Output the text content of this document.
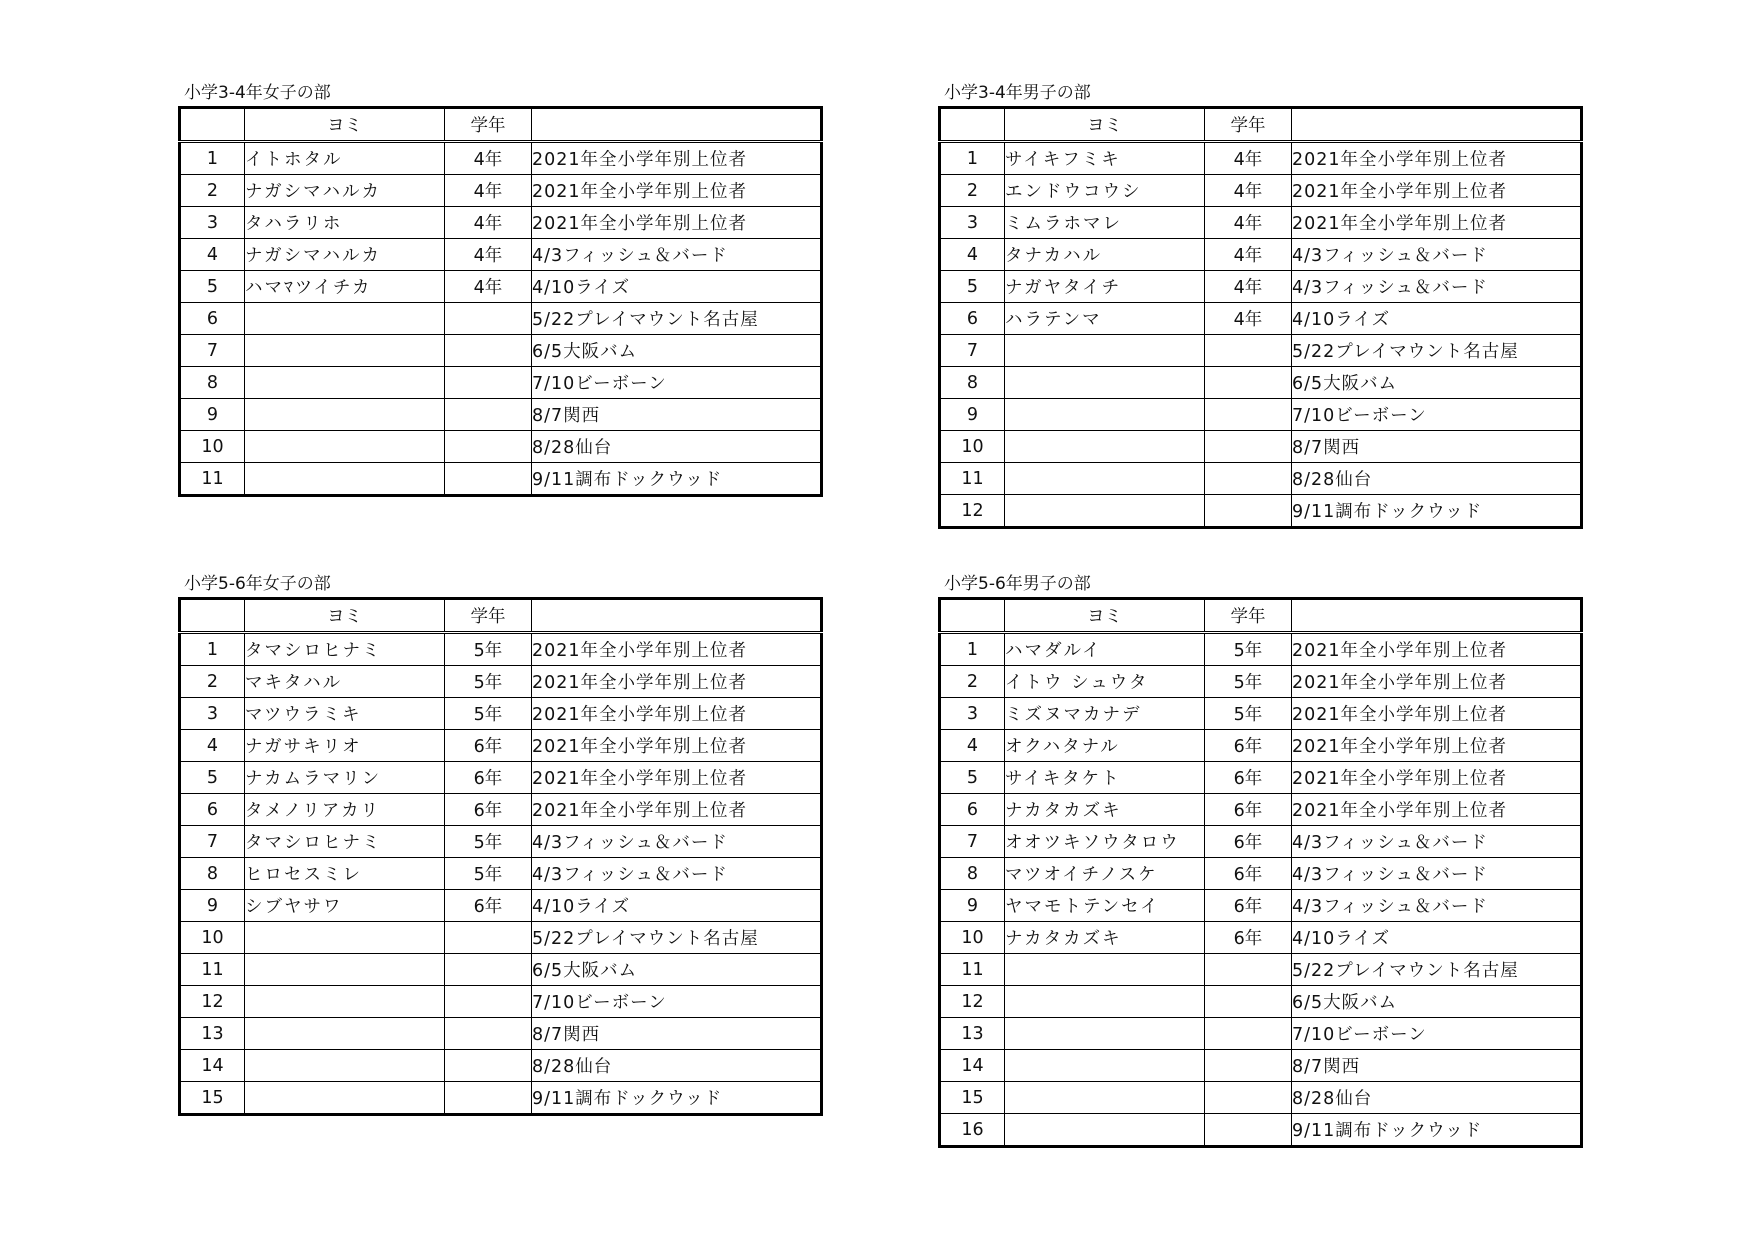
小学3-4年女子の部
	ヨミ	学年	
1	イトホタル	4年	2021年全小学年別上位者
2	ナガシマハルカ	4年	2021年全小学年別上位者
3	タハラリホ	4年	2021年全小学年別上位者
4	ナガシマハルカ	4年	4/3フィッシュ＆バード
5	ハマﾏツイチカ	4年	4/10ライズ
6			5/22プレイマウント名古屋
7			6/5大阪バム
8			7/10ビーボーン
9			8/7関西
10			8/28仙台
11			9/11調布ドックウッド
小学3-4年男子の部
	ヨミ	学年	
1	サイキフミキ	4年	2021年全小学年別上位者
2	エンドウコウシ	4年	2021年全小学年別上位者
3	ミムラホマレ	4年	2021年全小学年別上位者
4	タナカハル	4年	4/3フィッシュ＆バード
5	ナガヤタイチ	4年	4/3フィッシュ＆バード
6	ハラテンマ	4年	4/10ライズ
7			5/22プレイマウント名古屋
8			6/5大阪バム
9			7/10ビーボーン
10			8/7関西
11			8/28仙台
12			9/11調布ドックウッド
小学5-6年女子の部
	ヨミ	学年	
1	タマシロヒナミ	5年	2021年全小学年別上位者
2	マキタハル	5年	2021年全小学年別上位者
3	マツウラミキ	5年	2021年全小学年別上位者
4	ナガサキリオ	6年	2021年全小学年別上位者
5	ナカムラマリン	6年	2021年全小学年別上位者
6	タメノリアカリ	6年	2021年全小学年別上位者
7	タマシロヒナミ	5年	4/3フィッシュ＆バード
8	ヒロセスミレ	5年	4/3フィッシュ＆バード
9	シブヤサワ	6年	4/10ライズ
10			5/22プレイマウント名古屋
11			6/5大阪バム
12			7/10ビーボーン
13			8/7関西
14			8/28仙台
15			9/11調布ドックウッド
小学5-6年男子の部
	ヨミ	学年	
1	ハマダルイ	5年	2021年全小学年別上位者
2	イトウ シュウタ	5年	2021年全小学年別上位者
3	ミズヌマカナデ	5年	2021年全小学年別上位者
4	オクハタナル	6年	2021年全小学年別上位者
5	サイキタケト	6年	2021年全小学年別上位者
6	ナカタカズキ	6年	2021年全小学年別上位者
7	オオツキソウタロウ	6年	4/3フィッシュ＆バード
8	マツオイチノスケ	6年	4/3フィッシュ＆バード
9	ヤマモトテンセイ	6年	4/3フィッシュ＆バード
10	ナカタカズキ	6年	4/10ライズ
11			5/22プレイマウント名古屋
12			6/5大阪バム
13			7/10ビーボーン
14			8/7関西
15			8/28仙台
16			9/11調布ドックウッド
